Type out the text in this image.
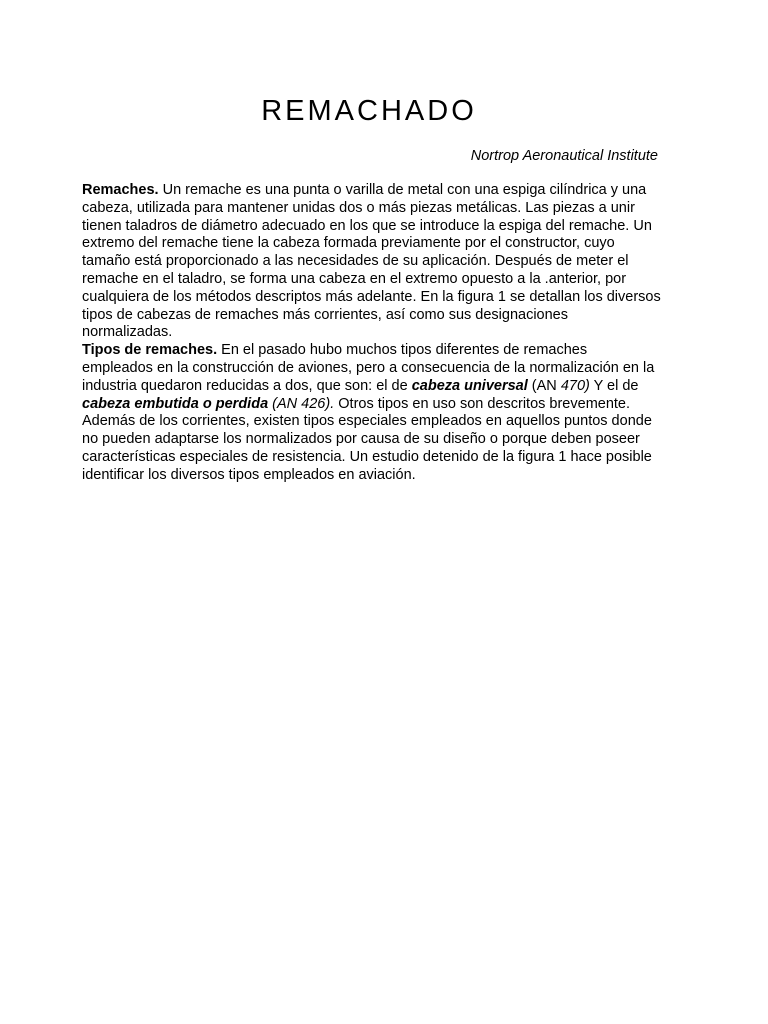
REMACHADO

Nortrop Aeronautical Institute

Remaches. Un remache es una punta o varilla de metal con una espiga cilíndrica y una cabeza, utilizada para mantener unidas dos o más piezas metálicas. Las piezas a unir tienen taladros de diámetro adecuado en los que se introduce la espiga del remache. Un extremo del remache tiene la cabeza formada previamente por el constructor, cuyo tamaño está proporcionado a las necesidades de su aplicación. Después de meter el remache en el taladro, se forma una cabeza en el extremo opuesto a la .anterior, por cualquiera de los métodos descriptos más adelante. En la figura 1 se detallan los diversos tipos de cabezas de remaches más corrientes, así como sus designaciones normalizadas.

Tipos de remaches. En el pasado hubo muchos tipos diferentes de remaches empleados en la construcción de aviones, pero a consecuencia de la normalización en la industria quedaron reducidas a dos, que son: el de cabeza universal (AN 470) Y el de cabeza embutida o perdida (AN 426). Otros tipos en uso son descritos brevemente. Además de los corrientes, existen tipos especiales empleados en aquellos puntos donde no pueden adaptarse los normalizados por causa de su diseño o porque deben poseer características especiales de resistencia. Un estudio detenido de la figura 1 hace posible identificar los diversos tipos empleados en aviación.
